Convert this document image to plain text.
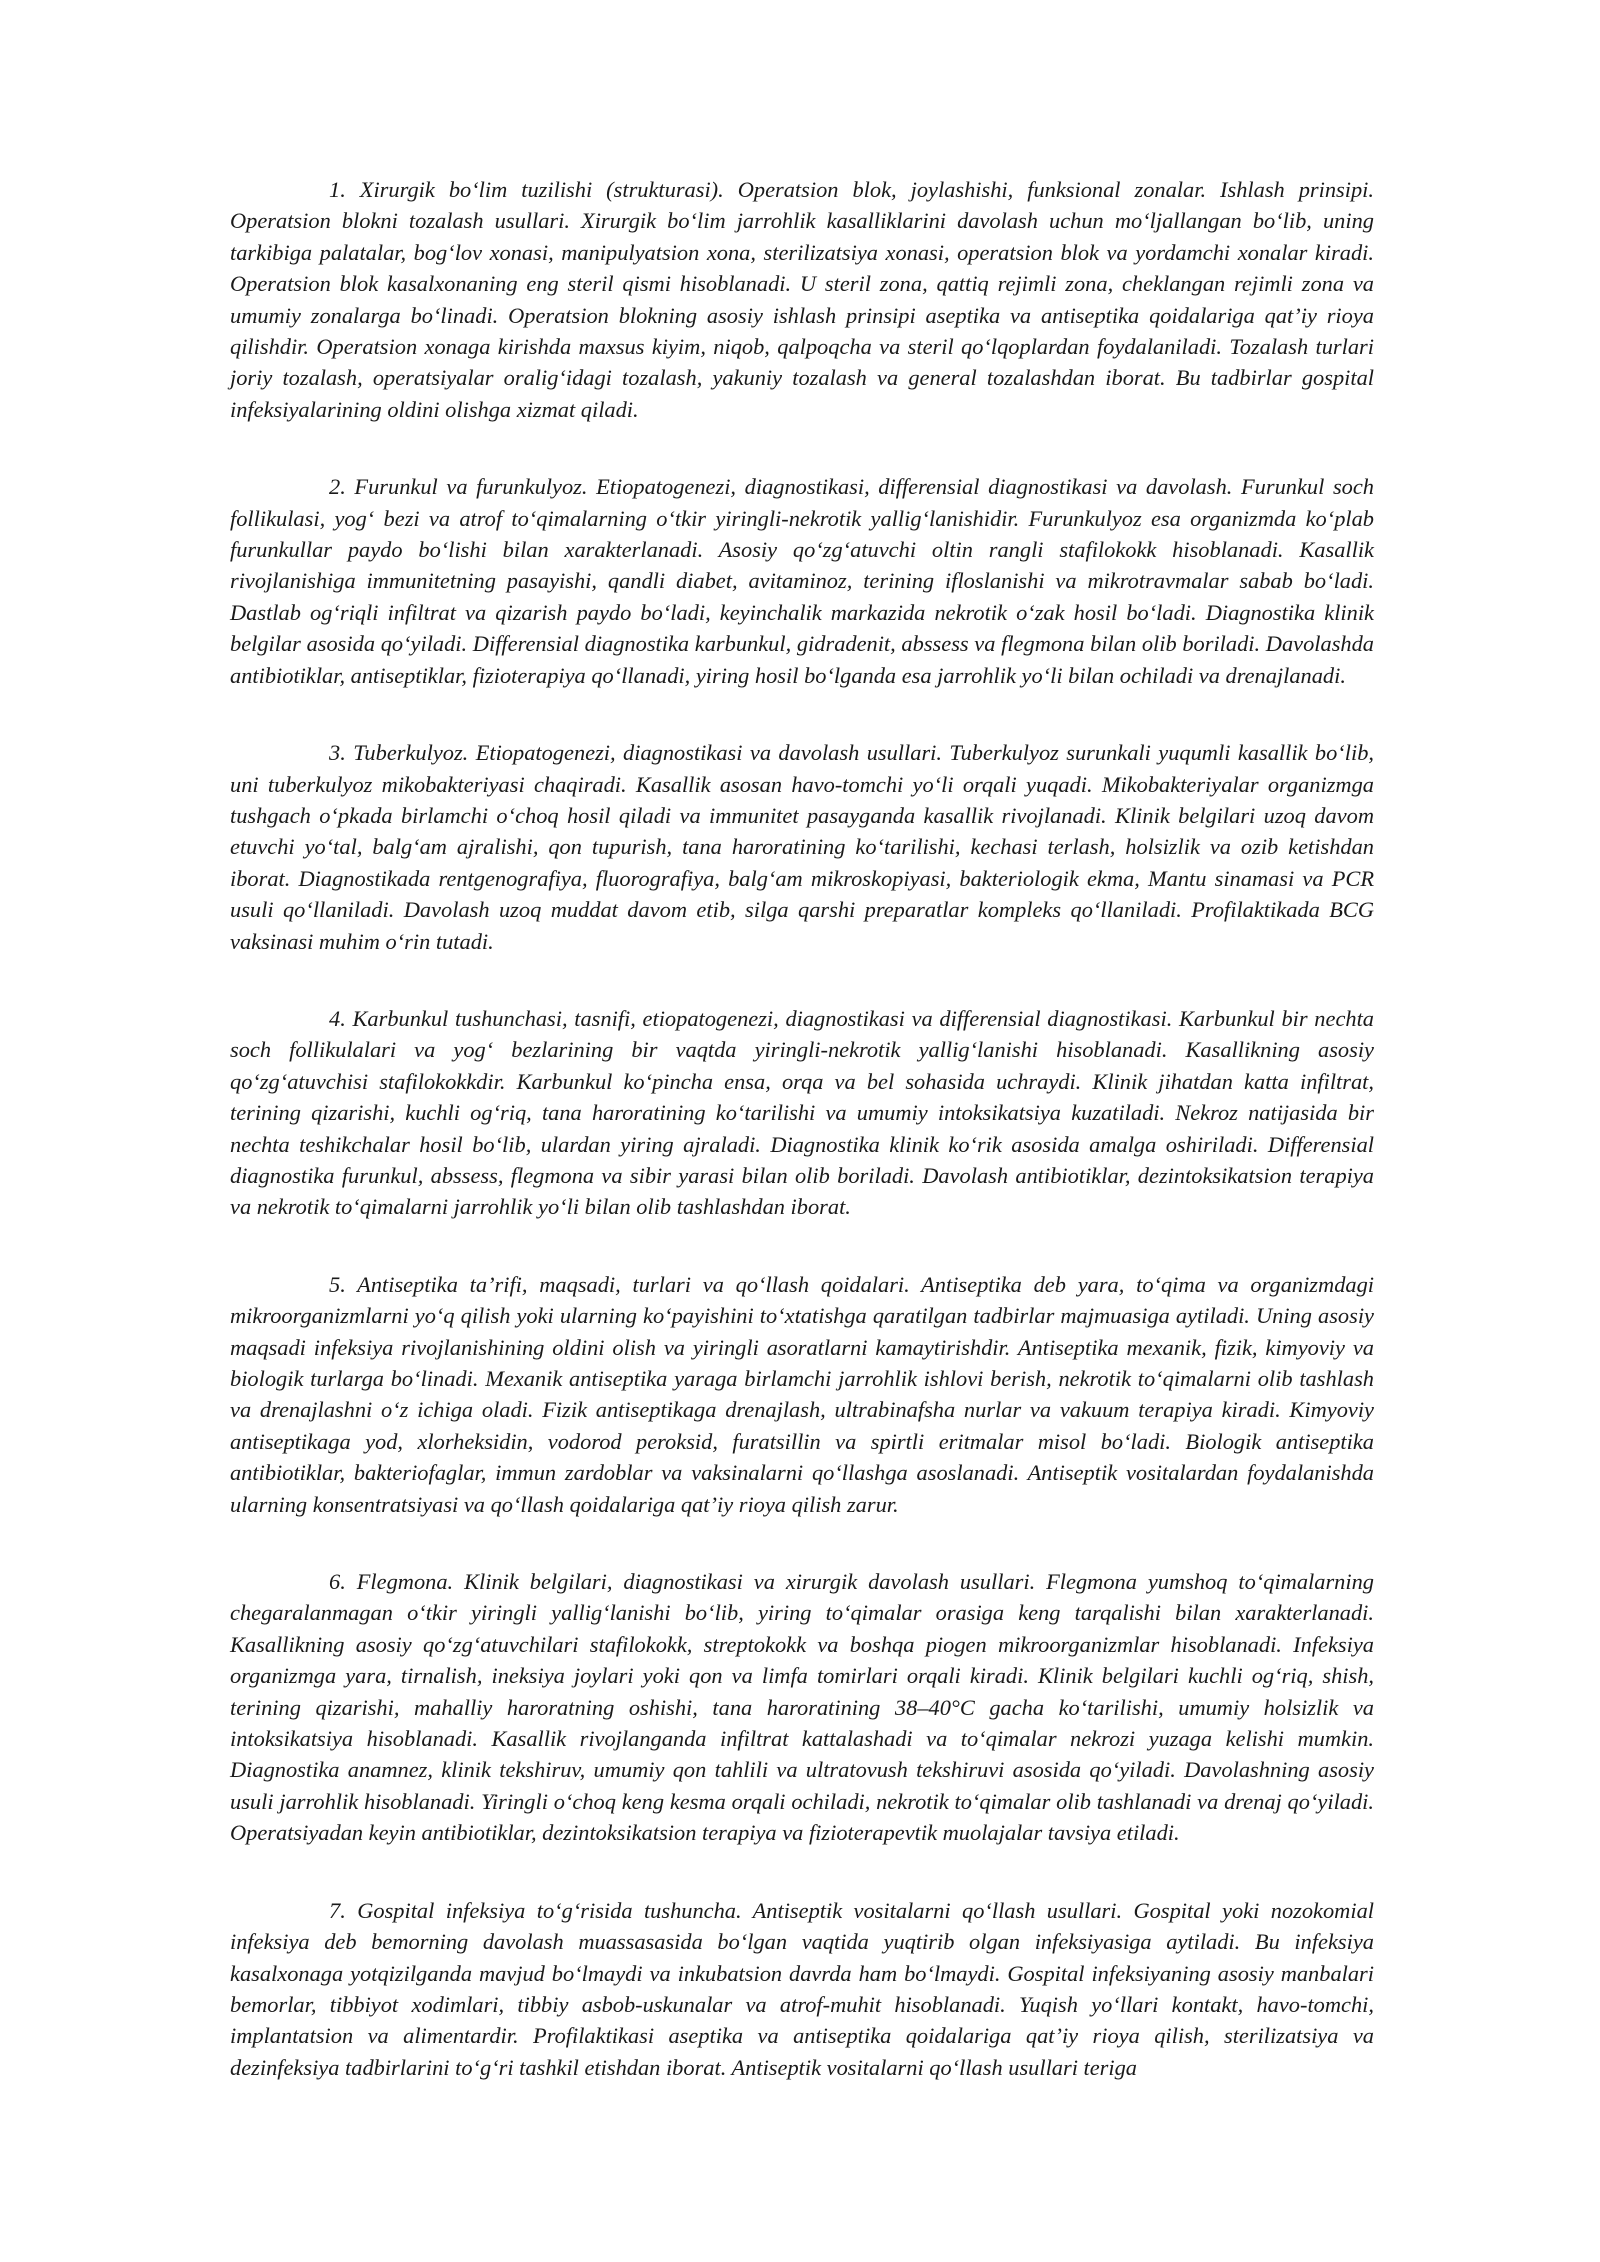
1. Xirurgik bo‘lim tuzilishi (strukturasi). Operatsion blok, joylashishi, funksional zonalar. Ishlash prinsipi. Operatsion blokni tozalash usullari. Xirurgik bo‘lim jarrohlik kasalliklarini davolash uchun mo‘ljallangan bo‘lib, uning tarkibiga palatalar, bog‘lov xonasi, manipulyatsion xona, sterilizatsiya xonasi, operatsion blok va yordamchi xonalar kiradi. Operatsion blok kasalxonaning eng steril qismi hisoblanadi. U steril zona, qattiq rejimli zona, cheklangan rejimli zona va umumiy zonalarga bo‘linadi. Operatsion blokning asosiy ishlash prinsipi aseptika va antiseptika qoidalariga qat’iy rioya qilishdir. Operatsion xonaga kirishda maxsus kiyim, niqob, qalpoqcha va steril qo‘lqoplardan foydalaniladi. Tozalash turlari joriy tozalash, operatsiyalar oralig‘idagi tozalash, yakuniy tozalash va general tozalashdan iborat. Bu tadbirlar gospital infeksiyalarining oldini olishga xizmat qiladi.

2. Furunkul va furunkulyoz. Etiopatogenezi, diagnostikasi, differensial diagnostikasi va davolash. Furunkul soch follikulasi, yog‘ bezi va atrof to‘qimalarning o‘tkir yiringli-nekrotik yallig‘lanishidir. Furunkulyoz esa organizmda ko‘plab furunkullar paydo bo‘lishi bilan xarakterlanadi. Asosiy qo‘zg‘atuvchi oltin rangli stafilokokk hisoblanadi. Kasallik rivojlanishiga immunitetning pasayishi, qandli diabet, avitaminoz, terining ifloslanishi va mikrotravmalar sabab bo‘ladi. Dastlab og‘riqli infiltrat va qizarish paydo bo‘ladi, keyinchalik markazida nekrotik o‘zak hosil bo‘ladi. Diagnostika klinik belgilar asosida qo‘yiladi. Differensial diagnostika karbunkul, gidradenit, abssess va flegmona bilan olib boriladi. Davolashda antibiotiklar, antiseptiklar, fizioterapiya qo‘llanadi, yiring hosil bo‘lganda esa jarrohlik yo‘li bilan ochiladi va drenajlanadi.

3. Tuberkulyoz. Etiopatogenezi, diagnostikasi va davolash usullari. Tuberkulyoz surunkali yuqumli kasallik bo‘lib, uni tuberkulyoz mikobakteriyasi chaqiradi. Kasallik asosan havo-tomchi yo‘li orqali yuqadi. Mikobakteriyalar organizmga tushgach o‘pkada birlamchi o‘choq hosil qiladi va immunitet pasayganda kasallik rivojlanadi. Klinik belgilari uzoq davom etuvchi yo‘tal, balg‘am ajralishi, qon tupurish, tana haroratining ko‘tarilishi, kechasi terlash, holsizlik va ozib ketishdan iborat. Diagnostikada rentgenografiya, fluorografiya, balg‘am mikroskopiyasi, bakteriologik ekma, Mantu sinamasi va PCR usuli qo‘llaniladi. Davolash uzoq muddat davom etib, silga qarshi preparatlar kompleks qo‘llaniladi. Profilaktikada BCG vaksinasi muhim o‘rin tutadi.

4. Karbunkul tushunchasi, tasnifi, etiopatogenezi, diagnostikasi va differensial diagnostikasi. Karbunkul bir nechta soch follikulalari va yog‘ bezlarining bir vaqtda yiringli-nekrotik yallig‘lanishi hisoblanadi. Kasallikning asosiy qo‘zg‘atuvchisi stafilokokkdir. Karbunkul ko‘pincha ensa, orqa va bel sohasida uchraydi. Klinik jihatdan katta infiltrat, terining qizarishi, kuchli og‘riq, tana haroratining ko‘tarilishi va umumiy intoksikatsiya kuzatiladi. Nekroz natijasida bir nechta teshikchalar hosil bo‘lib, ulardan yiring ajraladi. Diagnostika klinik ko‘rik asosida amalga oshiriladi. Differensial diagnostika furunkul, abssess, flegmona va sibir yarasi bilan olib boriladi. Davolash antibiotiklar, dezintoksikatsion terapiya va nekrotik to‘qimalarni jarrohlik yo‘li bilan olib tashlashdan iborat.

5. Antiseptika ta’rifi, maqsadi, turlari va qo‘llash qoidalari. Antiseptika deb yara, to‘qima va organizmdagi mikroorganizmlarni yo‘q qilish yoki ularning ko‘payishini to‘xtatishga qaratilgan tadbirlar majmuasiga aytiladi. Uning asosiy maqsadi infeksiya rivojlanishining oldini olish va yiringli asoratlarni kamaytirishdir. Antiseptika mexanik, fizik, kimyoviy va biologik turlarga bo‘linadi. Mexanik antiseptika yaraga birlamchi jarrohlik ishlovi berish, nekrotik to‘qimalarni olib tashlash va drenajlashni o‘z ichiga oladi. Fizik antiseptikaga drenajlash, ultrabinafsha nurlar va vakuum terapiya kiradi. Kimyoviy antiseptikaga yod, xlorheksidin, vodorod peroksid, furatsillin va spirtli eritmalar misol bo‘ladi. Biologik antiseptika antibiotiklar, bakteriofaglar, immun zardoblar va vaksinalarni qo‘llashga asoslanadi. Antiseptik vositalardan foydalanishda ularning konsentratsiyasi va qo‘llash qoidalariga qat’iy rioya qilish zarur.

6. Flegmona. Klinik belgilari, diagnostikasi va xirurgik davolash usullari. Flegmona yumshoq to‘qimalarning chegaralanmagan o‘tkir yiringli yallig‘lanishi bo‘lib, yiring to‘qimalar orasiga keng tarqalishi bilan xarakterlanadi. Kasallikning asosiy qo‘zg‘atuvchilari stafilokokk, streptokokk va boshqa piogen mikroorganizmlar hisoblanadi. Infeksiya organizmga yara, tirnalish, ineksiya joylari yoki qon va limfa tomirlari orqali kiradi. Klinik belgilari kuchli og‘riq, shish, terining qizarishi, mahalliy haroratning oshishi, tana haroratining 38–40°C gacha ko‘tarilishi, umumiy holsizlik va intoksikatsiya hisoblanadi. Kasallik rivojlanganda infiltrat kattalashadi va to‘qimalar nekrozi yuzaga kelishi mumkin. Diagnostika anamnez, klinik tekshiruv, umumiy qon tahlili va ultratovush tekshiruvi asosida qo‘yiladi. Davolashning asosiy usuli jarrohlik hisoblanadi. Yiringli o‘choq keng kesma orqali ochiladi, nekrotik to‘qimalar olib tashlanadi va drenaj qo‘yiladi. Operatsiyadan keyin antibiotiklar, dezintoksikatsion terapiya va fizioterapevtik muolajalar tavsiya etiladi.

7. Gospital infeksiya to‘g‘risida tushuncha. Antiseptik vositalarni qo‘llash usullari. Gospital yoki nozokomial infeksiya deb bemorning davolash muassasasida bo‘lgan vaqtida yuqtirib olgan infeksiyasiga aytiladi. Bu infeksiya kasalxonaga yotqizilganda mavjud bo‘lmaydi va inkubatsion davrda ham bo‘lmaydi. Gospital infeksiyaning asosiy manbalari bemorlar, tibbiyot xodimlari, tibbiy asbob-uskunalar va atrof-muhit hisoblanadi. Yuqish yo‘llari kontakt, havo-tomchi, implantatsion va alimentardir. Profilaktikasi aseptika va antiseptika qoidalariga qat’iy rioya qilish, sterilizatsiya va dezinfeksiya tadbirlarini to‘g‘ri tashkil etishdan iborat. Antiseptik vositalarni qo‘llash usullari teriga
